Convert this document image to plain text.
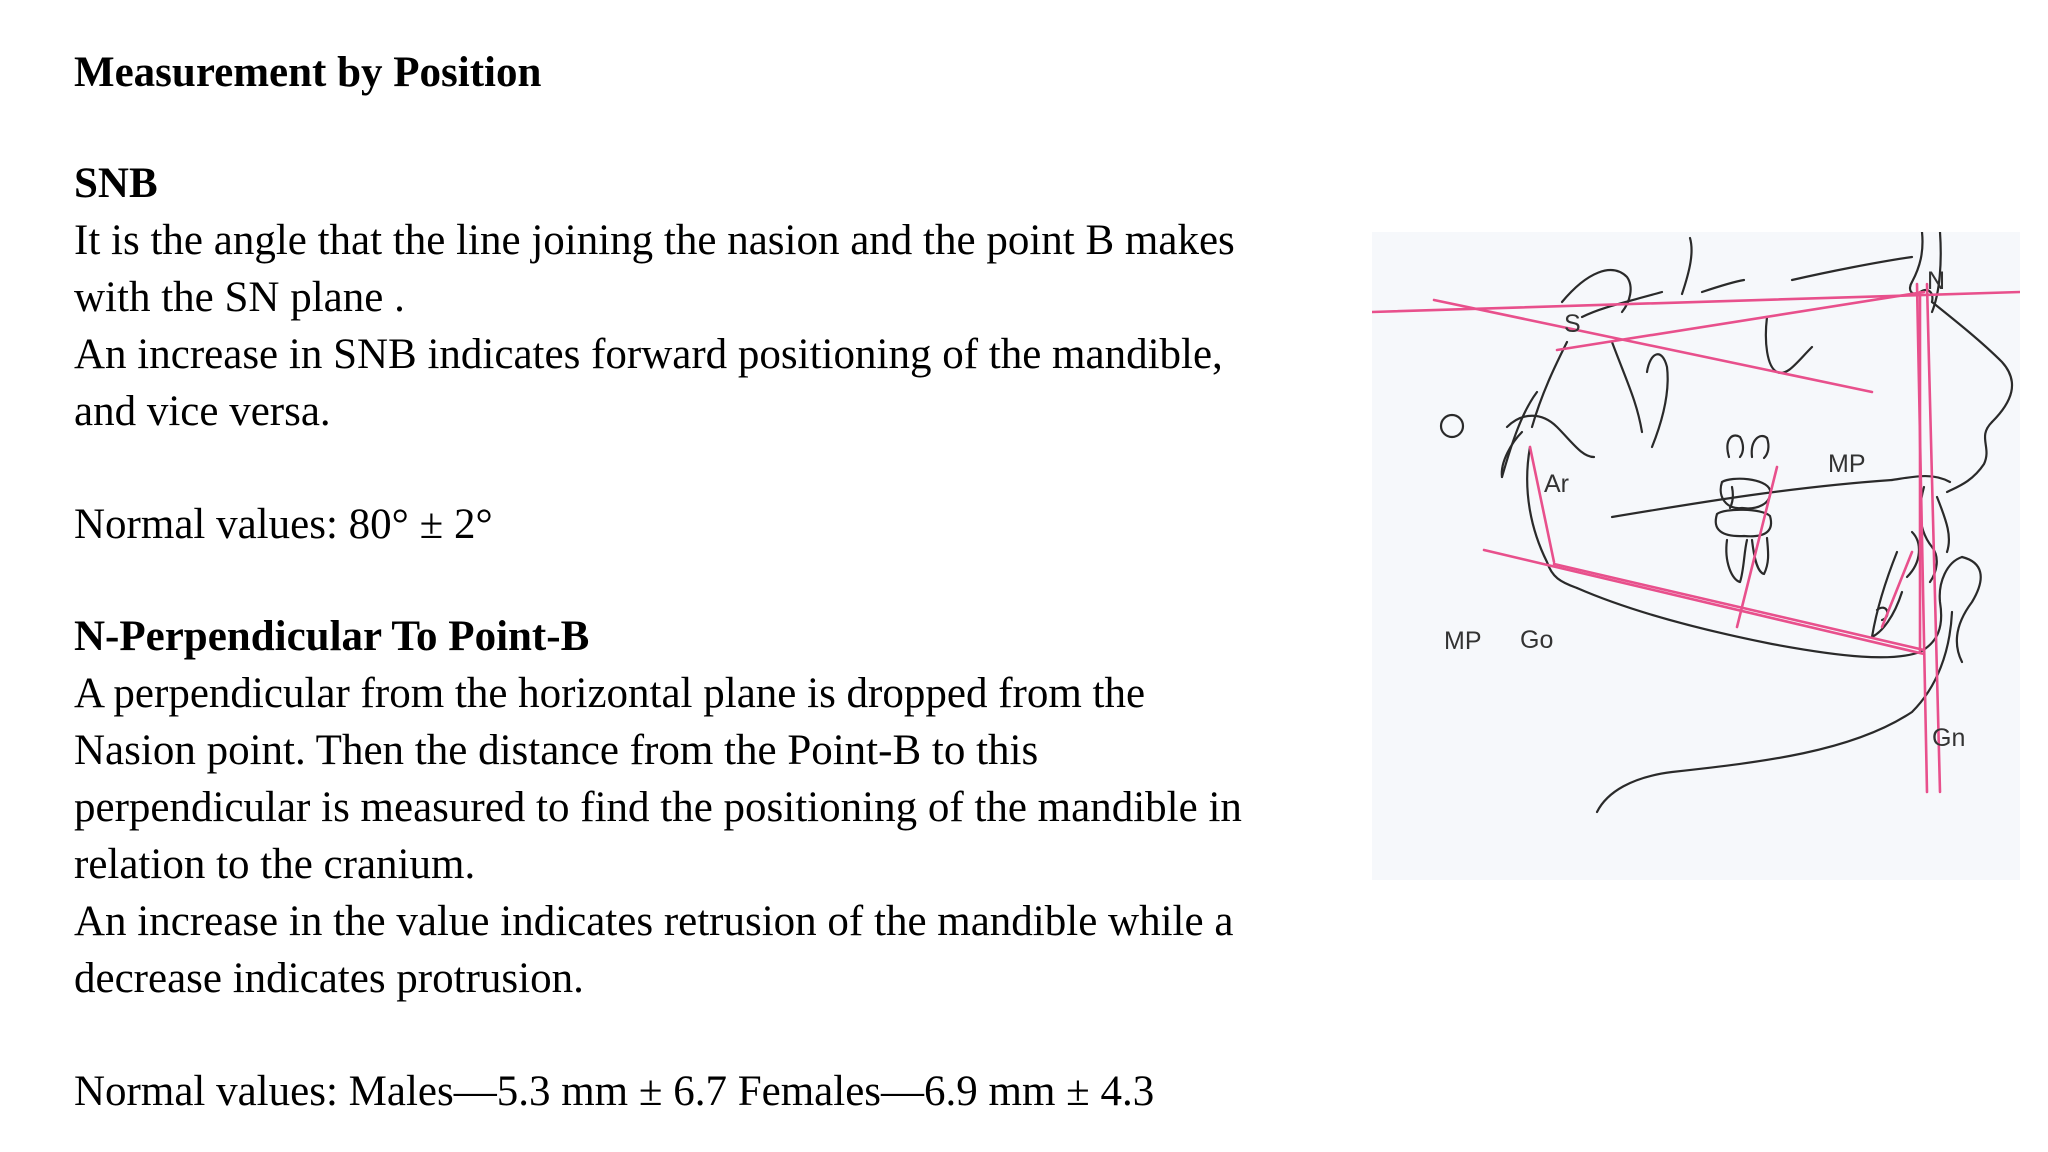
Measurement by Position

SNB

It is the angle that the line joining the nasion and the point B makes

with the SN plane .

An increase in SNB indicates forward positioning of the mandible,

and vice versa.

Normal values: 80° ± 2°

N-Perpendicular To Point-B

A perpendicular from the horizontal plane is dropped from the

Nasion point. Then the distance from the Point-B to this

perpendicular is measured to find the positioning of the mandible in

relation to the cranium.

An increase in the value indicates retrusion of the mandible while a

decrease indicates protrusion.

Normal values: Males—5.3 mm ± 6.7 Females—6.9 mm ± 4.3

N
S
Ar
MP
MP Go
Gn
